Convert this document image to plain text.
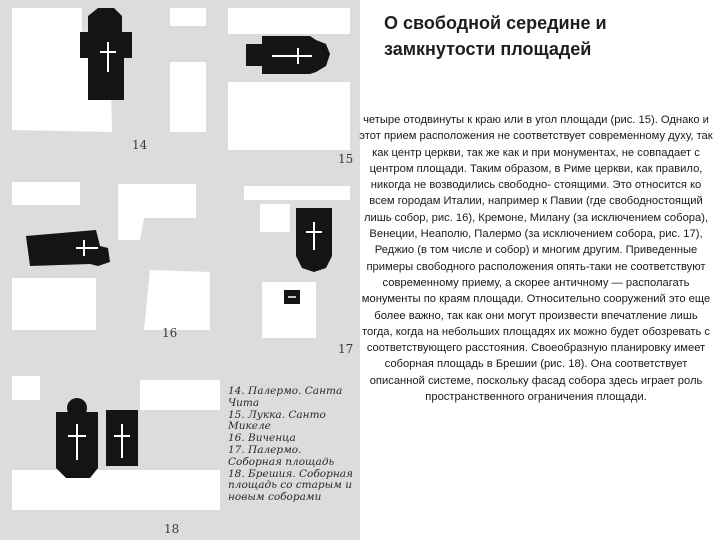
14
15
16
17
18
14. Палермо. Санта Чита
15. Лукка. Санто Микеле
16. Виченца
17. Палермо. Соборная площадь
18. Брешия. Соборная площадь со старым и новым соборами
О свободной середине и замкнутости площадей

четыре отодвинуты к краю или в угол площади (рис. 15). Однако и этот прием расположения не соответствует современному духу, так как центр церкви, так же как и при монументах, не совпадает с центром площади. Таким образом, в Риме церкви, как правило, никогда не возводились свободно- стоящими. Это относится ко всем городам Италии, например к Павии (где свободностоящий лишь собор, рис. 16), Кремоне, Милану (за исключением собора), Венеции, Неаполю, Палермо (за исключением собора, рис. 17), Реджио (в том числе и собор) и многим другим. Приведенные примеры свободного расположения опять-таки не соответствуют современному приему, а скорее античному — располагать монументы по краям площади. Относительно сооружений это еще более важно, так как они могут произвести впечатление лишь тогда, когда на небольших площадях их можно будет обозревать с соответствующего расстояния. Своеобразную планировку имеет соборная площадь в Брешии (рис. 18). Она соответствует описанной системе, поскольку фасад собора здесь играет роль пространственного ограничения площади.
